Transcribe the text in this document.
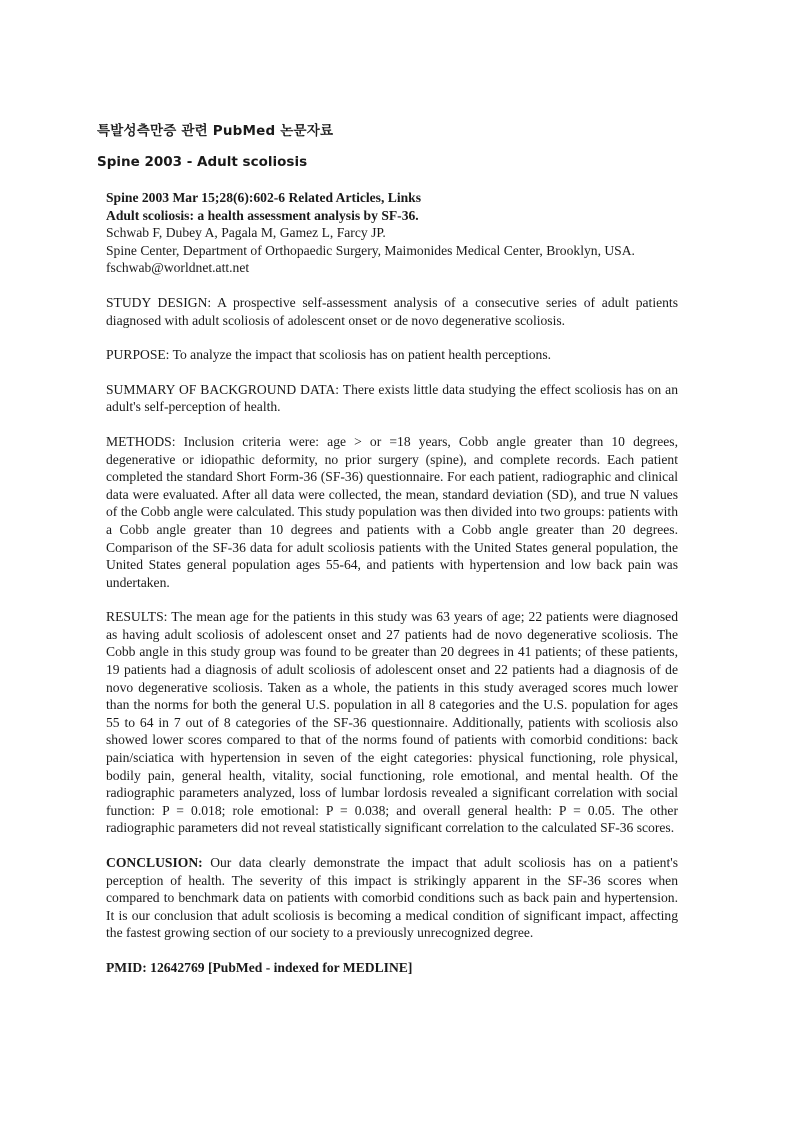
특발성측만증 관련 PubMed 논문자료
Spine 2003 - Adult scoliosis

Spine 2003 Mar 15;28(6):602-6 Related Articles, Links

Adult scoliosis: a health assessment analysis by SF-36.

Schwab F, Dubey A, Pagala M, Gamez L, Farcy JP.

Spine Center, Department of Orthopaedic Surgery, Maimonides Medical Center, Brooklyn, USA.

fschwab@worldnet.att.net

STUDY DESIGN: A prospective self-assessment analysis of a consecutive series of adult patients diagnosed with adult scoliosis of adolescent onset or de novo degenerative scoliosis.

PURPOSE: To analyze the impact that scoliosis has on patient health perceptions.

SUMMARY OF BACKGROUND DATA: There exists little data studying the effect scoliosis has on an adult's self-perception of health.

METHODS: Inclusion criteria were: age > or =18 years, Cobb angle greater than 10 degrees, degenerative or idiopathic deformity, no prior surgery (spine), and complete records. Each patient completed the standard Short Form-36 (SF-36) questionnaire. For each patient, radiographic and clinical data were evaluated. After all data were collected, the mean, standard deviation (SD), and true N values of the Cobb angle were calculated. This study population was then divided into two groups: patients with a Cobb angle greater than 10 degrees and patients with a Cobb angle greater than 20 degrees. Comparison of the SF-36 data for adult scoliosis patients with the United States general population, the United States general population ages 55-64, and patients with hypertension and low back pain was undertaken.

RESULTS: The mean age for the patients in this study was 63 years of age; 22 patients were diagnosed as having adult scoliosis of adolescent onset and 27 patients had de novo degenerative scoliosis. The Cobb angle in this study group was found to be greater than 20 degrees in 41 patients; of these patients, 19 patients had a diagnosis of adult scoliosis of adolescent onset and 22 patients had a diagnosis of de novo degenerative scoliosis. Taken as a whole, the patients in this study averaged scores much lower than the norms for both the general U.S. population in all 8 categories and the U.S. population for ages 55 to 64 in 7 out of 8 categories of the SF-36 questionnaire. Additionally, patients with scoliosis also showed lower scores compared to that of the norms found of patients with comorbid conditions: back pain/sciatica with hypertension in seven of the eight categories: physical functioning, role physical, bodily pain, general health, vitality, social functioning, role emotional, and mental health. Of the radiographic parameters analyzed, loss of lumbar lordosis revealed a significant correlation with social function: P = 0.018; role emotional: P = 0.038; and overall general health: P = 0.05. The other radiographic parameters did not reveal statistically significant correlation to the calculated SF-36 scores.

CONCLUSION: Our data clearly demonstrate the impact that adult scoliosis has on a patient's perception of health. The severity of this impact is strikingly apparent in the SF-36 scores when compared to benchmark data on patients with comorbid conditions such as back pain and hypertension. It is our conclusion that adult scoliosis is becoming a medical condition of significant impact, affecting the fastest growing section of our society to a previously unrecognized degree.

PMID: 12642769 [PubMed - indexed for MEDLINE]
